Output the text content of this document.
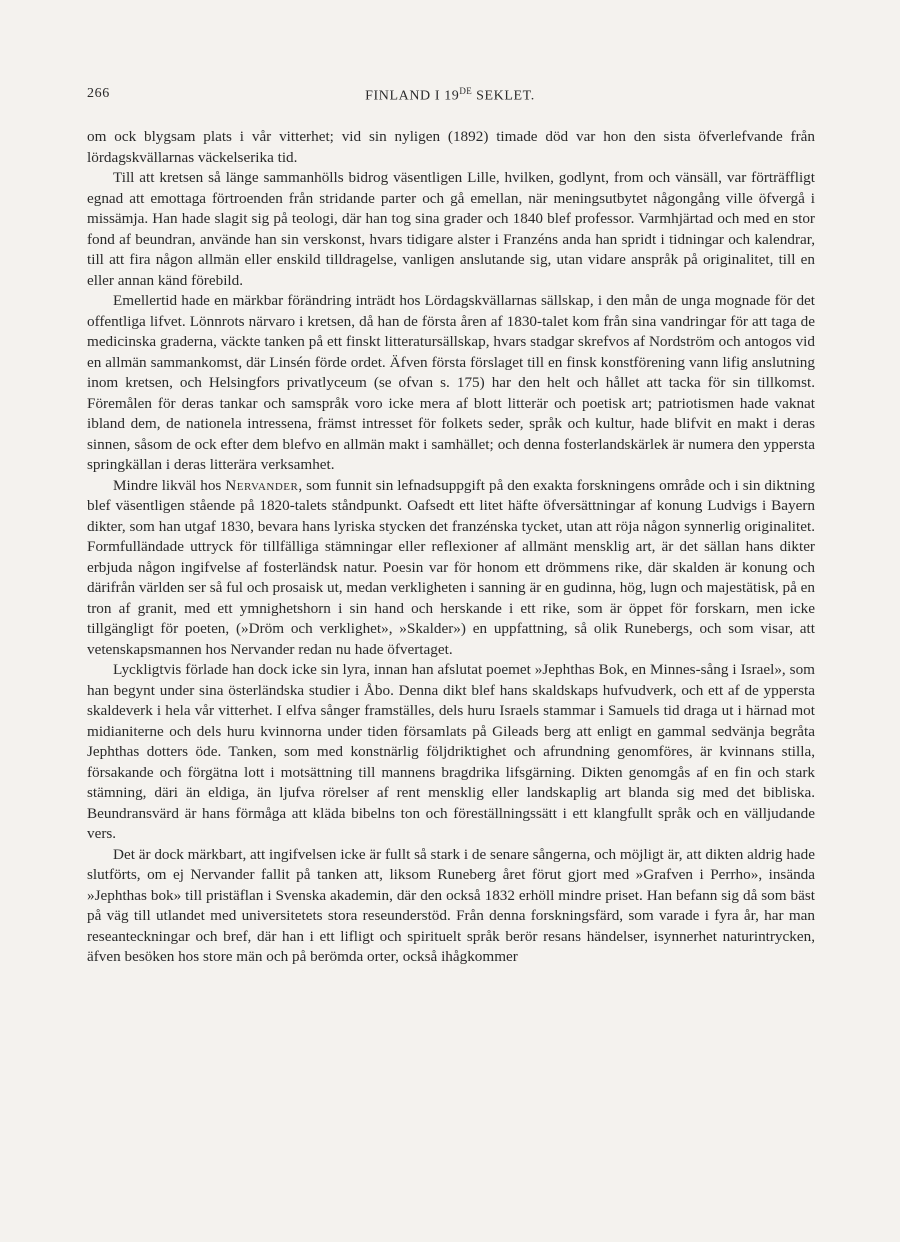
266	FINLAND I 19DE SEKLET.

om ock blygsam plats i vår vitterhet; vid sin nyligen (1892) timade död var hon den sista öfverlefvande från lördagskvällarnas väckelserika tid.

Till att kretsen så länge sammanhölls bidrog väsentligen Lille, hvilken, godlynt, from och vänsäll, var förträffligt egnad att emottaga förtroenden från stridande parter och gå emellan, när meningsutbytet någongång ville öfvergå i missämja. Han hade slagit sig på teologi, där han tog sina grader och 1840 blef professor. Varmhjärtad och med en stor fond af beundran, använde han sin verskonst, hvars tidigare alster i Franzéns anda han spridt i tidningar och kalendrar, till att fira någon allmän eller enskild tilldragelse, vanligen anslutande sig, utan vidare anspråk på originalitet, till en eller annan känd förebild.

Emellertid hade en märkbar förändring inträdt hos Lördagskvällarnas sällskap, i den mån de unga mognade för det offentliga lifvet. Lönnrots närvaro i kretsen, då han de första åren af 1830-talet kom från sina vandringar för att taga de medicinska graderna, väckte tanken på ett finskt litteratursällskap, hvars stadgar skrefvos af Nordström och antogos vid en allmän sammankomst, där Linsén förde ordet. Äfven första förslaget till en finsk konstförening vann lifig anslutning inom kretsen, och Helsingfors privatlyceum (se ofvan s. 175) har den helt och hållet att tacka för sin tillkomst. Föremålen för deras tankar och samspråk voro icke mera af blott litterär och poetisk art; patriotismen hade vaknat ibland dem, de nationela intressena, främst intresset för folkets seder, språk och kultur, hade blifvit en makt i deras sinnen, såsom de ock efter dem blefvo en allmän makt i samhället; och denna fosterlandskärlek är numera den yppersta springkällan i deras litterära verksamhet.

Mindre likväl hos Nervander, som funnit sin lefnadsuppgift på den exakta forskningens område och i sin diktning blef väsentligen stående på 1820-talets ståndpunkt. Oafsedt ett litet häfte öfversättningar af konung Ludvigs i Bayern dikter, som han utgaf 1830, bevara hans lyriska stycken det franzénska tycket, utan att röja någon synnerlig originalitet. Formfulländade uttryck för tillfälliga stämningar eller reflexioner af allmänt mensklig art, är det sällan hans dikter erbjuda någon ingifvelse af fosterländsk natur. Poesin var för honom ett drömmens rike, där skalden är konung och därifrån världen ser så ful och prosaisk ut, medan verkligheten i sanning är en gudinna, hög, lugn och majestätisk, på en tron af granit, med ett ymnighetshorn i sin hand och herskande i ett rike, som är öppet för forskarn, men icke tillgängligt för poeten, (»Dröm och verklighet», »Skalder») en uppfattning, så olik Runebergs, och som visar, att vetenskapsmannen hos Nervander redan nu hade öfvertaget.

Lyckligtvis förlade han dock icke sin lyra, innan han afslutat poemet »Jephthas Bok, en Minnes-sång i Israel», som han begynt under sina österländska studier i Åbo. Denna dikt blef hans skaldskaps hufvudverk, och ett af de yppersta skaldeverk i hela vår vitterhet. I elfva sånger framställes, dels huru Israels stammar i Samuels tid draga ut i härnad mot midianiterne och dels huru kvinnorna under tiden församlats på Gileads berg att enligt en gammal sedvänja begråta Jephthas dotters öde. Tanken, som med konstnärlig följdriktighet och afrundning genomföres, är kvinnans stilla, försakande och förgätna lott i motsättning till mannens bragdrika lifsgärning. Dikten genomgås af en fin och stark stämning, däri än eldiga, än ljufva rörelser af rent mensklig eller landskaplig art blanda sig med det bibliska. Beundransvärd är hans förmåga att kläda bibelns ton och föreställningssätt i ett klangfullt språk och en välljudande vers.

Det är dock märkbart, att ingifvelsen icke är fullt så stark i de senare sångerna, och möjligt är, att dikten aldrig hade slutförts, om ej Nervander fallit på tanken att, liksom Runeberg året förut gjort med »Grafven i Perrho», insända »Jephthas bok» till pristäflan i Svenska akademin, där den också 1832 erhöll mindre priset. Han befann sig då som bäst på väg till utlandet med universitetets stora reseunderstöd. Från denna forskningsfärd, som varade i fyra år, har man reseanteckningar och bref, där han i ett lifligt och spirituelt språk berör resans händelser, isynnerhet naturintrycken, äfven besöken hos store män och på berömda orter, också ihågkommer
